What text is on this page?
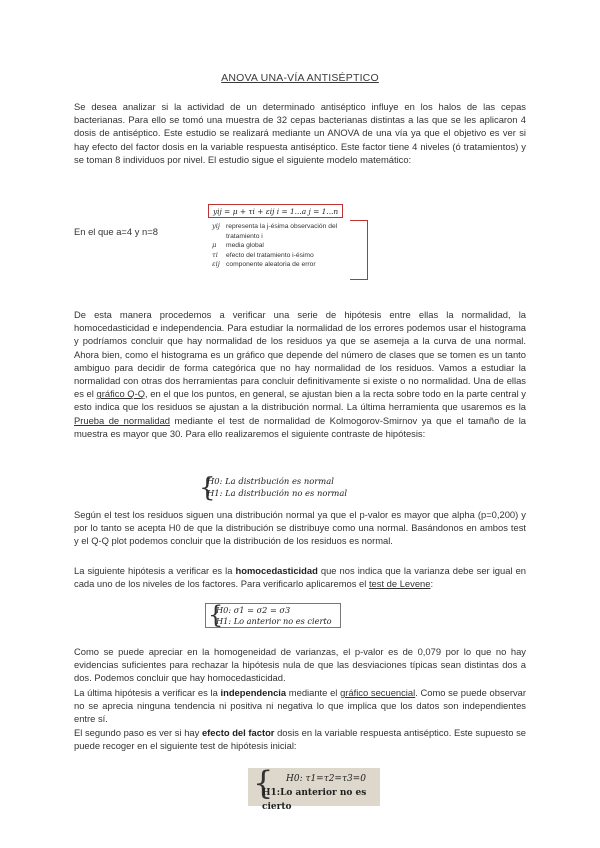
ANOVA UNA-VÍA ANTISÉPTICO
Se desea analizar si la actividad de un determinado antiséptico influye en los halos de las cepas bacterianas. Para ello se tomó una muestra de 32 cepas bacterianas distintas a las que se les aplicaron 4 dosis de antiséptico. Este estudio se realizará mediante un ANOVA de una vía ya que el objetivo es ver si hay efecto del factor dosis en la variable respuesta antiséptico. Este factor tiene 4 niveles (ó tratamientos) y se toman 8 individuos por nivel. El estudio sigue el siguiente modelo matemático:
En el que a=4 y n=8
yij = μ + τi + εij i = 1...a j = 1...n
yij representa la j-ésima observación del
tratamiento i
μ	media global
τi	efecto del tratamiento i-ésimo
εij componente aleatoria de error
De esta manera procedemos a verificar una serie de hipótesis entre ellas la normalidad, la homocedasticidad e independencia. Para estudiar la normalidad de los errores podemos usar el histograma y podríamos concluir que hay normalidad de los residuos ya que se asemeja a la curva de una normal. Ahora bien, como el histograma es un gráfico que depende del número de clases que se tomen es un tanto ambiguo para decidir de forma categórica que no hay normalidad de los residuos. Vamos a estudiar la normalidad con otras dos herramientas para concluir definitivamente si existe o no normalidad. Una de ellas es el gráfico Q-Q, en el que los puntos, en general, se ajustan bien a la recta sobre todo en la parte central y esto indica que los residuos se ajustan a la distribución normal. La última herramienta que usaremos es la Prueba de normalidad mediante el test de normalidad de Kolmogorov-Smirnov ya que el tamaño de la muestra es mayor que 30. Para ello realizaremos el siguiente contraste de hipótesis:
{
H0: La distribución es normal
H1: La distribución no es normal
Según el test los residuos siguen una distribución normal ya que el p-valor es mayor que alpha (p=0,200) y por lo tanto se acepta H0 de que la distribución se distribuye como una normal. Basándonos en ambos test y el Q-Q plot podemos concluir que la distribución de los residuos es normal.
La siguiente hipótesis a verificar es la homocedasticidad que nos indica que la varianza debe ser igual en cada uno de los niveles de los factores. Para verificarlo aplicaremos el test de Levene:
{
H0: σ1 = σ2 = σ3
H1: Lo anterior no es cierto
Como se puede apreciar en la homogeneidad de varianzas, el p-valor es de 0,079 por lo que no hay evidencias suficientes para rechazar la hipótesis nula de que las desviaciones típicas sean distintas dos a dos. Podemos concluir que hay homocedasticidad.
La última hipótesis a verificar es la independencia mediante el gráfico secuencial. Como se puede observar no se aprecia ninguna tendencia ni positiva ni negativa lo que implica que los datos son independientes entre sí.
El segundo paso es ver si hay efecto del factor dosis en la variable respuesta antiséptico. Este supuesto se puede recoger en el siguiente test de hipótesis inicial:
{	H0: τ1=τ2=τ3=0
H1:Lo anterior no es cierto
